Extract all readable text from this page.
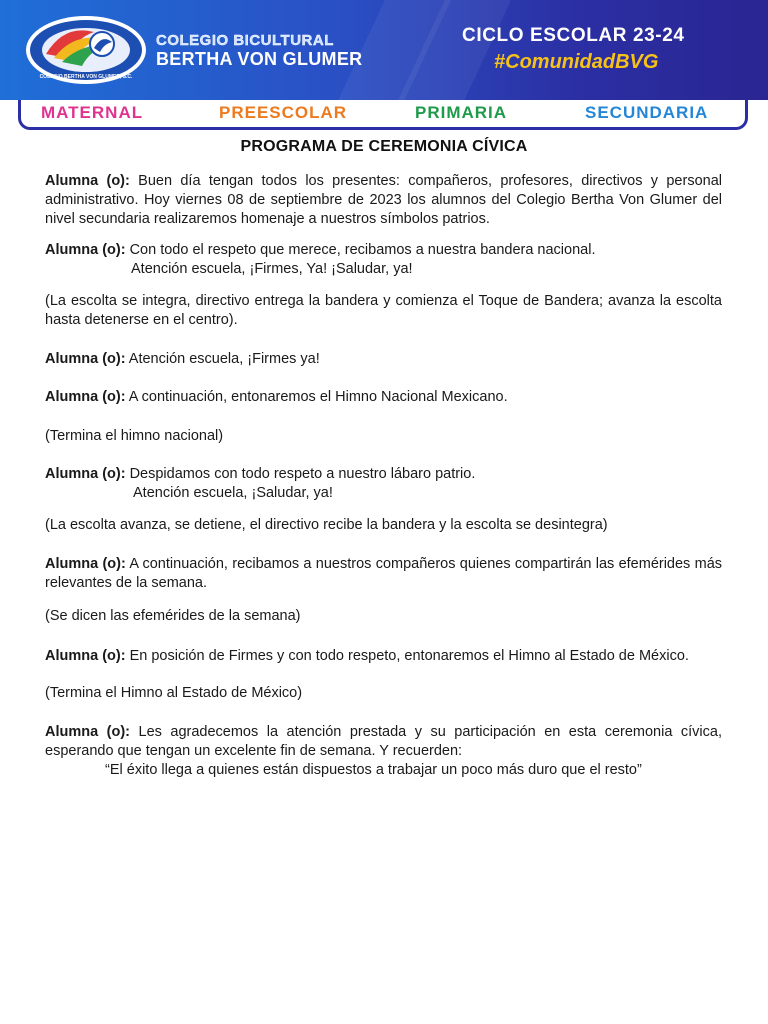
COLEGIO BERTHA VON GLUMER, S.C.
COLEGIO BICULTURAL
BERTHA VON GLUMER
CICLO ESCOLAR 23-24
#ComunidadBVG
MATERNAL	PREESCOLAR	PRIMARIA	SECUNDARIA
PROGRAMA DE CEREMONIA CÍVICA
Alumna (o): Buen día tengan todos los presentes: compañeros, profesores, directivos y personal administrativo. Hoy viernes 08 de septiembre de 2023 los alumnos del Colegio Bertha Von Glumer del nivel secundaria realizaremos homenaje a nuestros símbolos patrios.
Alumna (o): Con todo el respeto que merece, recibamos a nuestra bandera nacional.
Atención escuela, ¡Firmes, Ya! ¡Saludar, ya!
(La escolta se integra, directivo entrega la bandera y comienza el Toque de Bandera; avanza la escolta hasta detenerse en el centro).
Alumna (o): Atención escuela, ¡Firmes ya!
Alumna (o): A continuación, entonaremos el Himno Nacional Mexicano.
(Termina el himno nacional)
Alumna (o): Despidamos con todo respeto a nuestro lábaro patrio.
Atención escuela, ¡Saludar, ya!
(La escolta avanza, se detiene, el directivo recibe la bandera y la escolta se desintegra)
Alumna (o): A continuación, recibamos a nuestros compañeros quienes compartirán las efemérides más relevantes de la semana.
(Se dicen las efemérides de la semana)
Alumna (o): En posición de Firmes y con todo respeto, entonaremos el Himno al Estado de México.
(Termina el Himno al Estado de México)
Alumna (o): Les agradecemos la atención prestada y su participación en esta ceremonia cívica, esperando que tengan un excelente fin de semana. Y recuerden:
“El éxito llega a quienes están dispuestos a trabajar un poco más duro que el resto”
